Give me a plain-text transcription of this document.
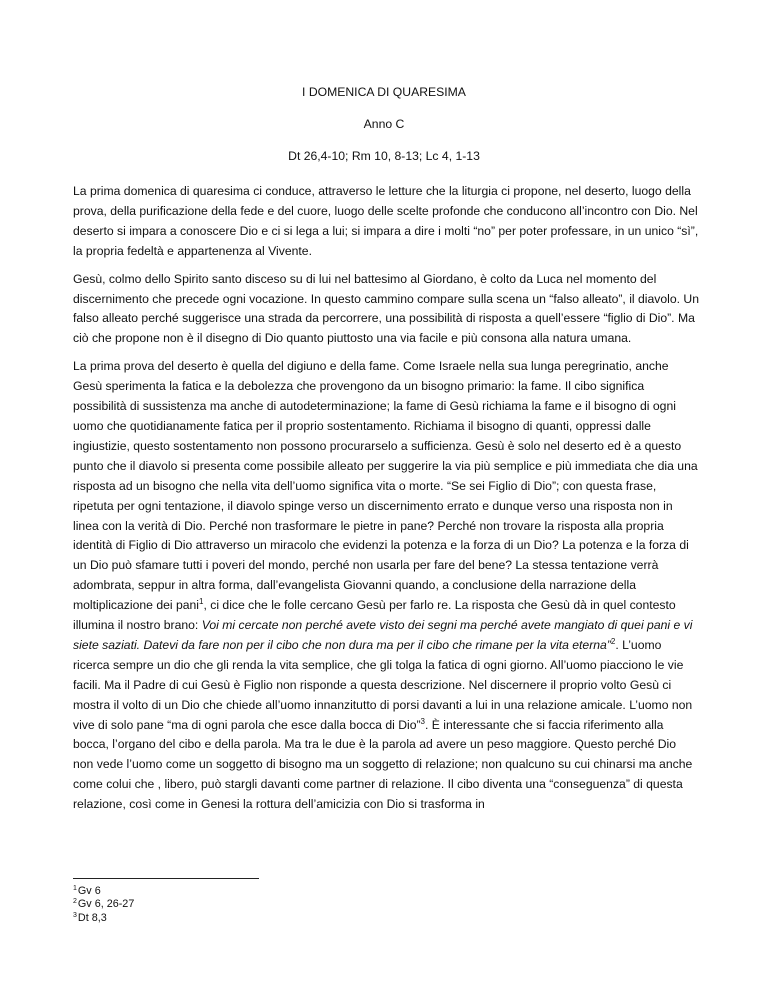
I DOMENICA DI QUARESIMA
Anno C
Dt 26,4-10; Rm 10, 8-13; Lc 4, 1-13

La prima domenica di quaresima ci conduce, attraverso le letture che la liturgia ci propone, nel deserto, luogo della prova, della purificazione della fede e del cuore, luogo delle scelte profonde che conducono all’incontro con Dio. Nel deserto si impara a conoscere Dio e ci si lega a lui; si impara a dire i molti “no” per poter professare, in un unico “sì”, la propria fedeltà e appartenenza al Vivente.

Gesù, colmo dello Spirito santo disceso su di lui nel battesimo al Giordano, è colto da Luca nel momento del discernimento che precede ogni vocazione. In questo cammino compare sulla scena un “falso alleato”, il diavolo. Un falso alleato perché suggerisce una strada da percorrere, una possibilità di risposta a quell’essere “figlio di Dio”. Ma ciò che propone non è il disegno di Dio quanto piuttosto una via facile e più consona alla natura umana.

La prima prova del deserto è quella del digiuno e della fame. Come Israele nella sua lunga peregrinatio, anche Gesù sperimenta la fatica e la debolezza che provengono da un bisogno primario: la fame. Il cibo significa possibilità di sussistenza ma anche di autodeterminazione; la fame di Gesù richiama la fame e il bisogno di ogni uomo che quotidianamente fatica per il proprio sostentamento. Richiama il bisogno di quanti, oppressi dalle ingiustizie, questo sostentamento non possono procurarselo a sufficienza. Gesù è solo nel deserto ed è a questo punto che il diavolo si presenta come possibile alleato per suggerire la via più semplice e più immediata che dia una risposta ad un bisogno che nella vita dell’uomo significa vita o morte. “Se sei Figlio di Dio”; con questa frase, ripetuta per ogni tentazione, il diavolo spinge verso un discernimento errato e dunque verso una risposta non in linea con la verità di Dio. Perché non trasformare le pietre in pane? Perché non trovare la risposta alla propria identità di Figlio di Dio attraverso un miracolo che evidenzi la potenza e la forza di un Dio? La potenza e la forza di un Dio può sfamare tutti i poveri del mondo, perché non usarla per fare del bene? La stessa tentazione verrà adombrata, seppur in altra forma, dall’evangelista Giovanni quando, a conclusione della narrazione della moltiplicazione dei pani$^1$, ci dice che le folle cercano Gesù per farlo re. La risposta che Gesù dà in quel contesto illumina il nostro brano: Voi mi cercate non perché avete visto dei segni ma perché avete mangiato di quei pani e vi siete saziati. Datevi da fare non per il cibo che non dura ma per il cibo che rimane per la vita eterna”$^2$. L’uomo ricerca sempre un dio che gli renda la vita semplice, che gli tolga la fatica di ogni giorno. All’uomo piacciono le vie facili. Ma il Padre di cui Gesù è Figlio non risponde a questa descrizione. Nel discernere il proprio volto Gesù ci mostra il volto di un Dio che chiede all’uomo innanzitutto di porsi davanti a lui in una relazione amicale. L’uomo non vive di solo pane “ma di ogni parola che esce dalla bocca di Dio”$^3$. È interessante che si faccia riferimento alla bocca, l’organo del cibo e della parola. Ma tra le due è la parola ad avere un peso maggiore. Questo perché Dio non vede l’uomo come un soggetto di bisogno ma un soggetto di relazione; non qualcuno su cui chinarsi ma anche come colui che , libero, può stargli davanti come partner di relazione. Il cibo diventa una “conseguenza” di questa relazione, così come in Genesi la rottura dell’amicizia con Dio si trasforma in

$^1$Gv 6
$^2$Gv 6, 26-27
$^3$Dt 8,3
